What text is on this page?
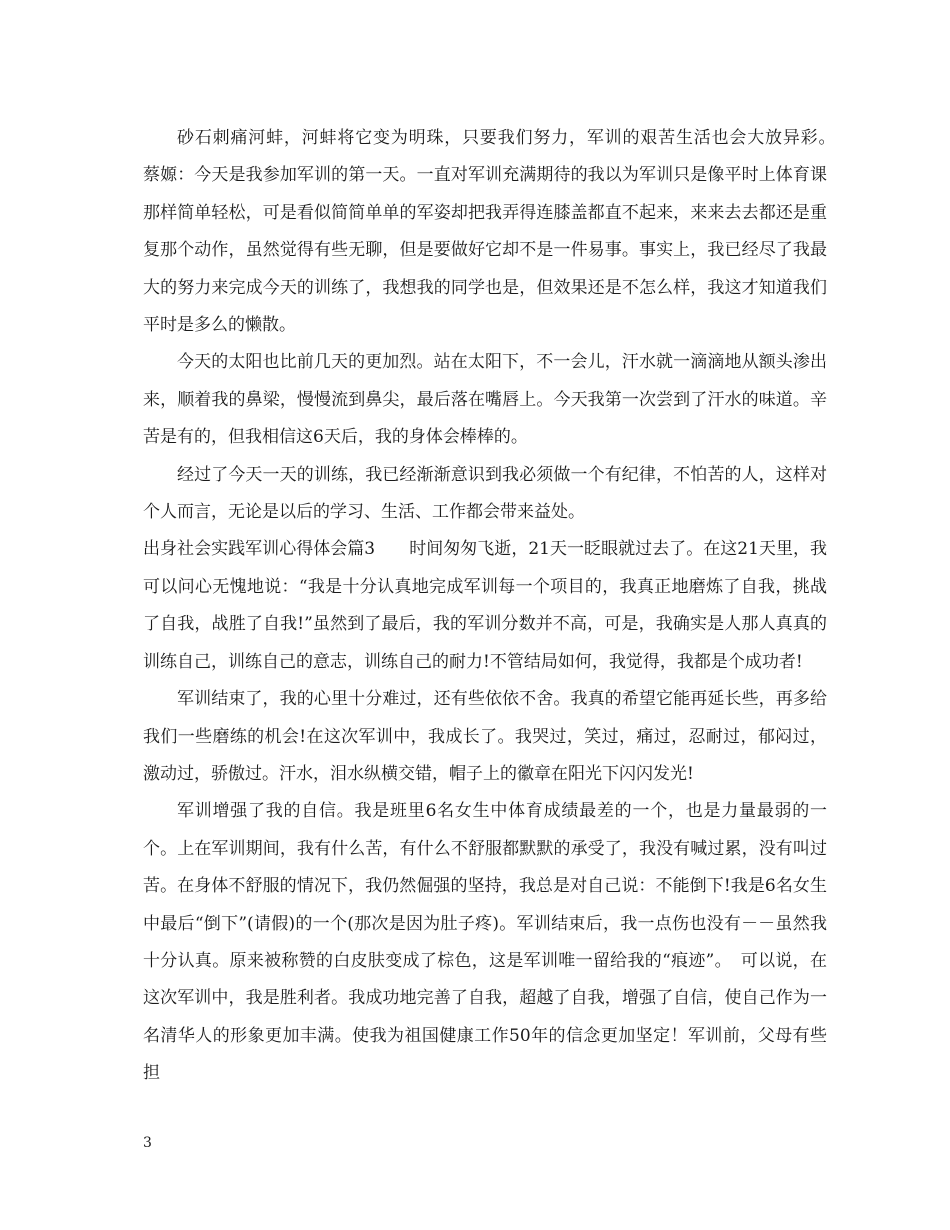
砂石刺痛河蚌，河蚌将它变为明珠，只要我们努力，军训的艰苦生活也会大放异彩。　蔡嫄：今天是我参加军训的第一天。一直对军训充满期待的我以为军训只是像平时上体育课那样简单轻松，可是看似简简单单的军姿却把我弄得连膝盖都直不起来，来来去去都还是重复那个动作，虽然觉得有些无聊，但是要做好它却不是一件易事。事实上，我已经尽了我最大的努力来完成今天的训练了，我想我的同学也是，但效果还是不怎么样，我这才知道我们平时是多么的懒散。

今天的太阳也比前几天的更加烈。站在太阳下，不一会儿，汗水就一滴滴地从额头渗出来，顺着我的鼻梁，慢慢流到鼻尖，最后落在嘴唇上。今天我第一次尝到了汗水的味道。辛苦是有的，但我相信这6天后，我的身体会棒棒的。

经过了今天一天的训练，我已经渐渐意识到我必须做一个有纪律，不怕苦的人，这样对个人而言，无论是以后的学习、生活、工作都会带来益处。

出身社会实践军训心得体会篇3　　时间匆匆飞逝，21天一眨眼就过去了。在这21天里，我可以问心无愧地说：“我是十分认真地完成军训每一个项目的，我真正地磨炼了自我，挑战了自我，战胜了自我!”虽然到了最后，我的军训分数并不高，可是，我确实是人那人真真的训练自己，训练自己的意志，训练自己的耐力!不管结局如何，我觉得，我都是个成功者!

军训结束了，我的心里十分难过，还有些依依不舍。我真的希望它能再延长些，再多给我们一些磨练的机会!在这次军训中，我成长了。我哭过，笑过，痛过，忍耐过，郁闷过，激动过，骄傲过。汗水，泪水纵横交错，帽子上的徽章在阳光下闪闪发光!

军训增强了我的自信。我是班里6名女生中体育成绩最差的一个，也是力量最弱的一个。上在军训期间，我有什么苦，有什么不舒服都默默的承受了，我没有喊过累，没有叫过苦。在身体不舒服的情况下，我仍然倔强的坚持，我总是对自己说：不能倒下!我是6名女生中最后“倒下”(请假)的一个(那次是因为肚子疼)。军训结束后，我一点伤也没有－－虽然我十分认真。原来被称赞的白皮肤变成了棕色，这是军训唯一留给我的“痕迹”。　可以说，在这次军训中，我是胜利者。我成功地完善了自我，超越了自我，增强了自信，使自己作为一名清华人的形象更加丰满。使我为祖国健康工作50年的信念更加坚定！军训前，父母有些担

3
